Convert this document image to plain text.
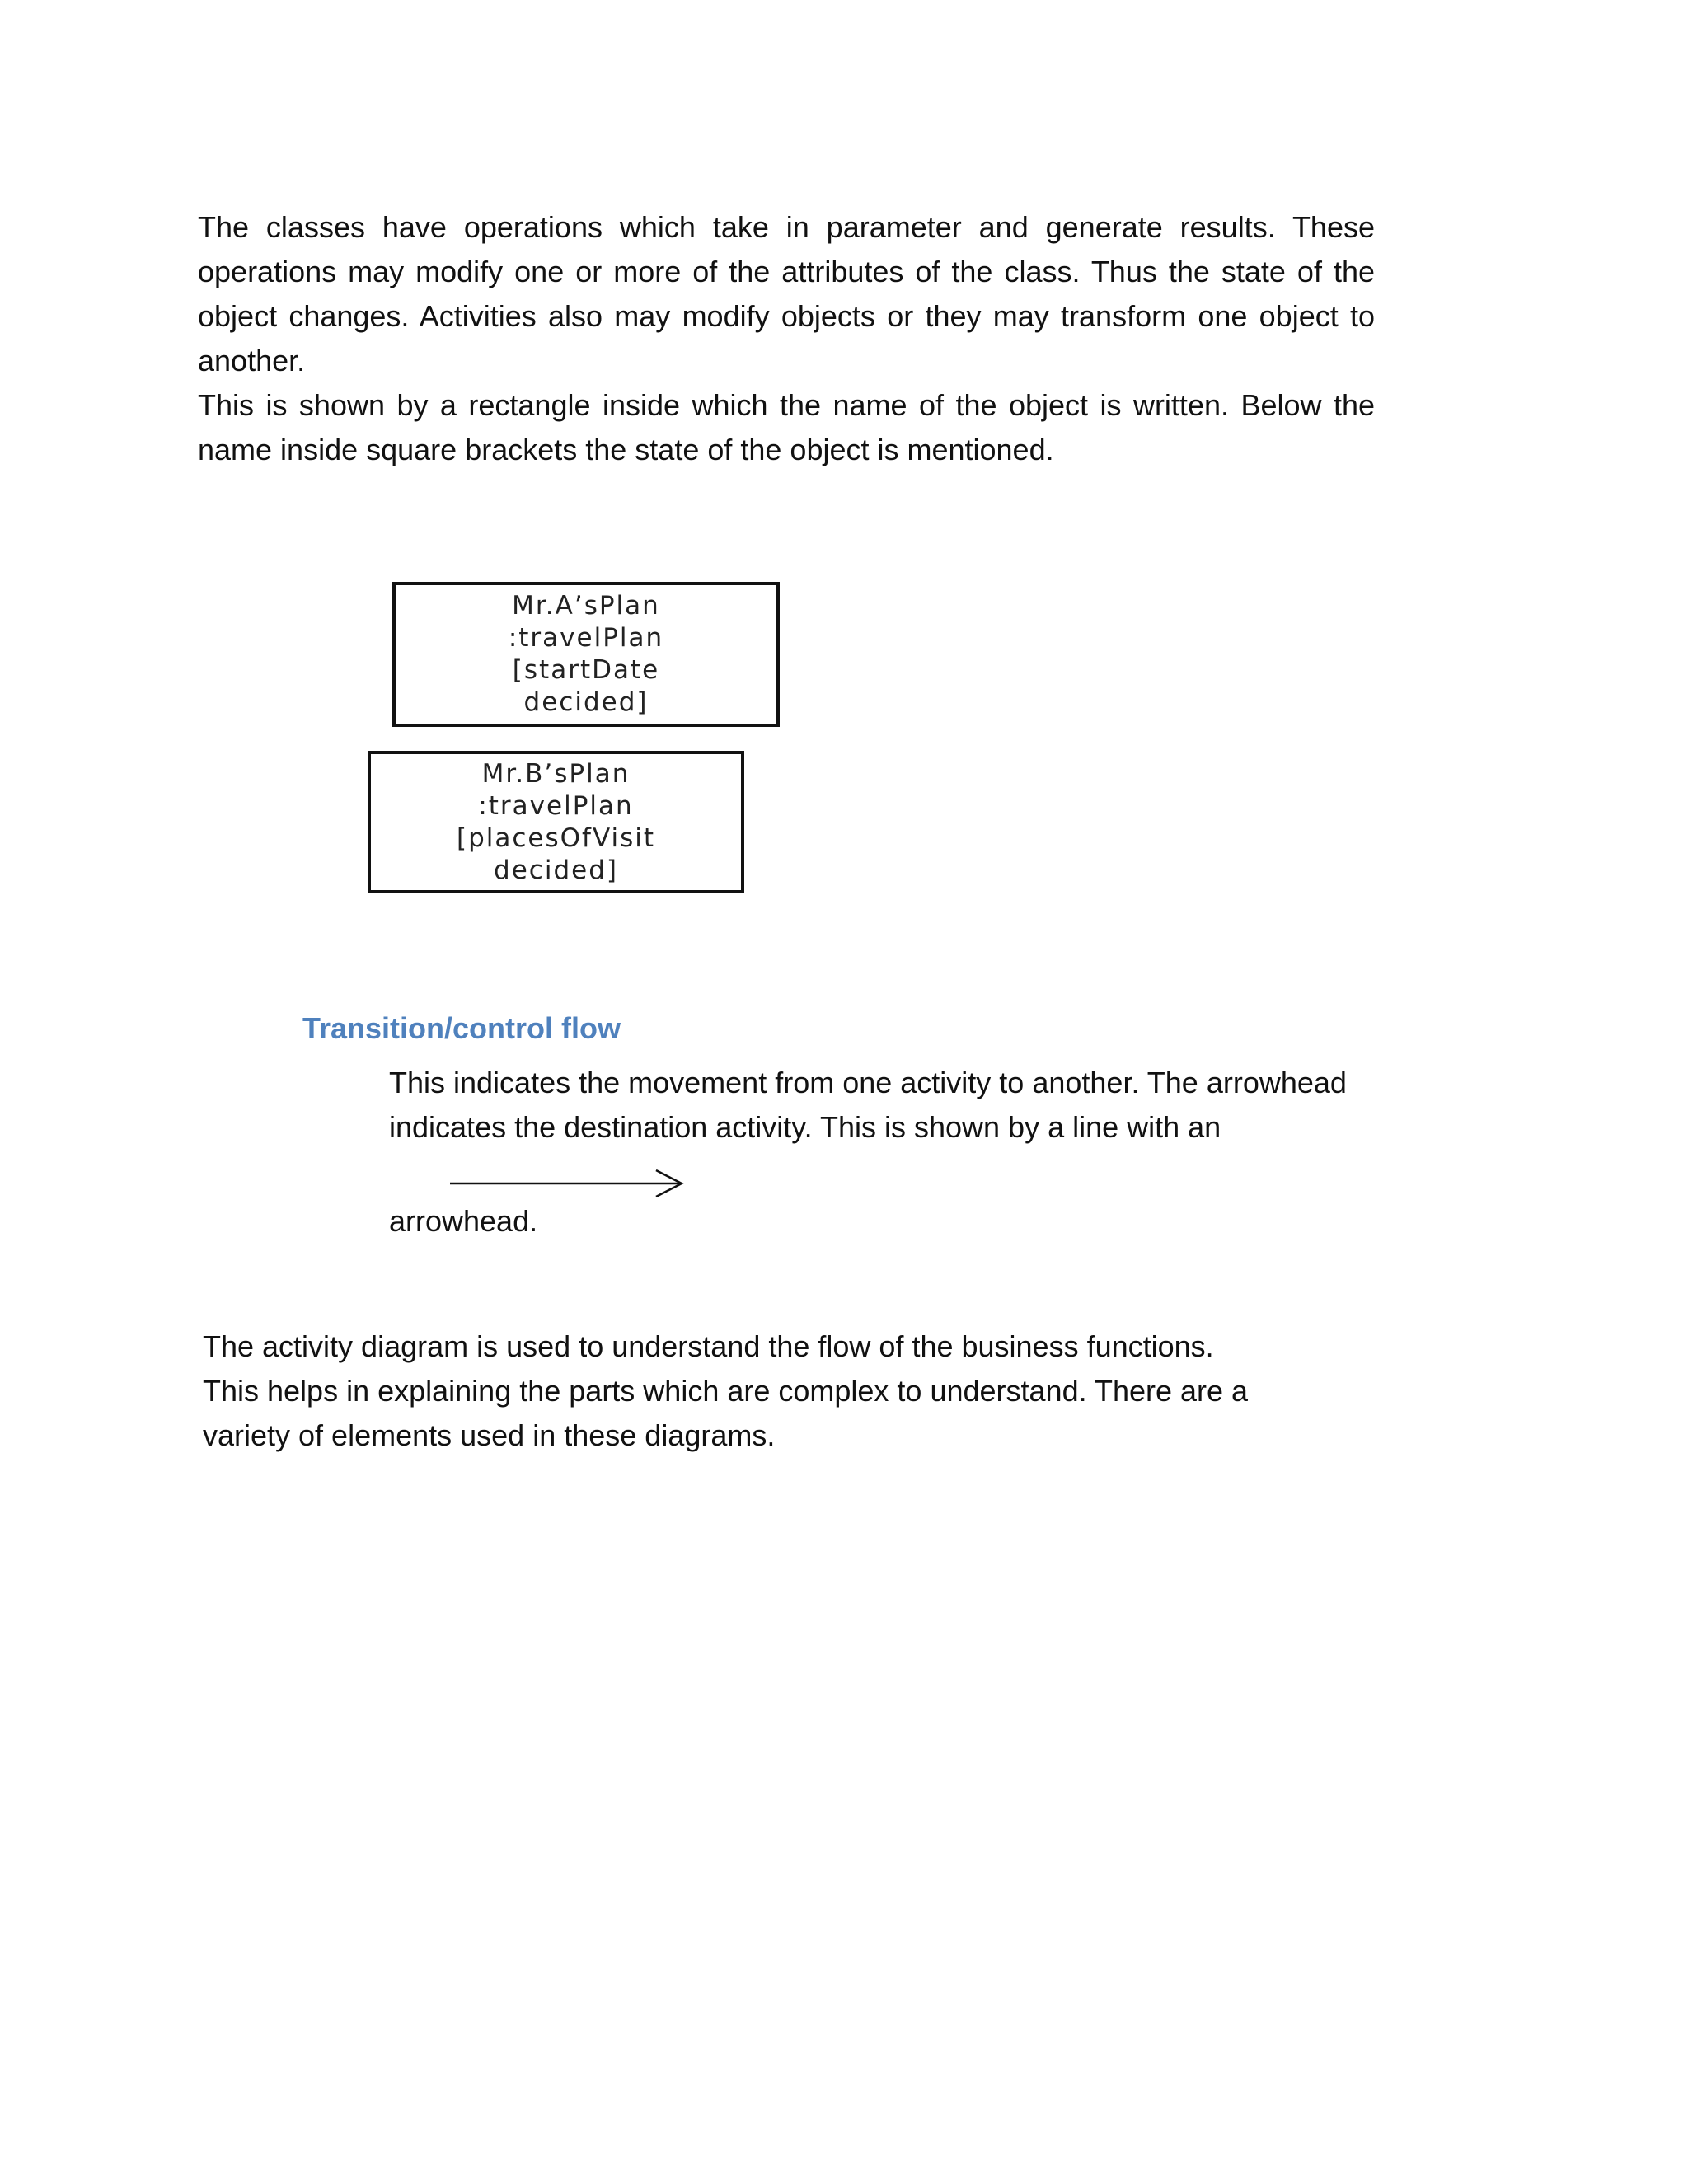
The classes have operations which take in parameter and generate results. These operations may modify one or more of the attributes of the class. Thus the state of the object changes. Activities also may modify objects or they may transform one object to another.

This is shown by a rectangle inside which the name of the object is written. Below the name inside square brackets the state of the object is mentioned.

Mr.A’sPlan
:travelPlan
[startDate
decided]
Mr.B’sPlan
:travelPlan
[placesOfVisit
decided]
Transition/control flow

This indicates the movement from one activity to another. The arrowhead

indicates the destination activity. This is shown by a line with an

arrowhead.

The activity diagram is used to understand the flow of the business functions. This helps in explaining the parts which are complex to understand. There are a variety of elements used in these diagrams.
